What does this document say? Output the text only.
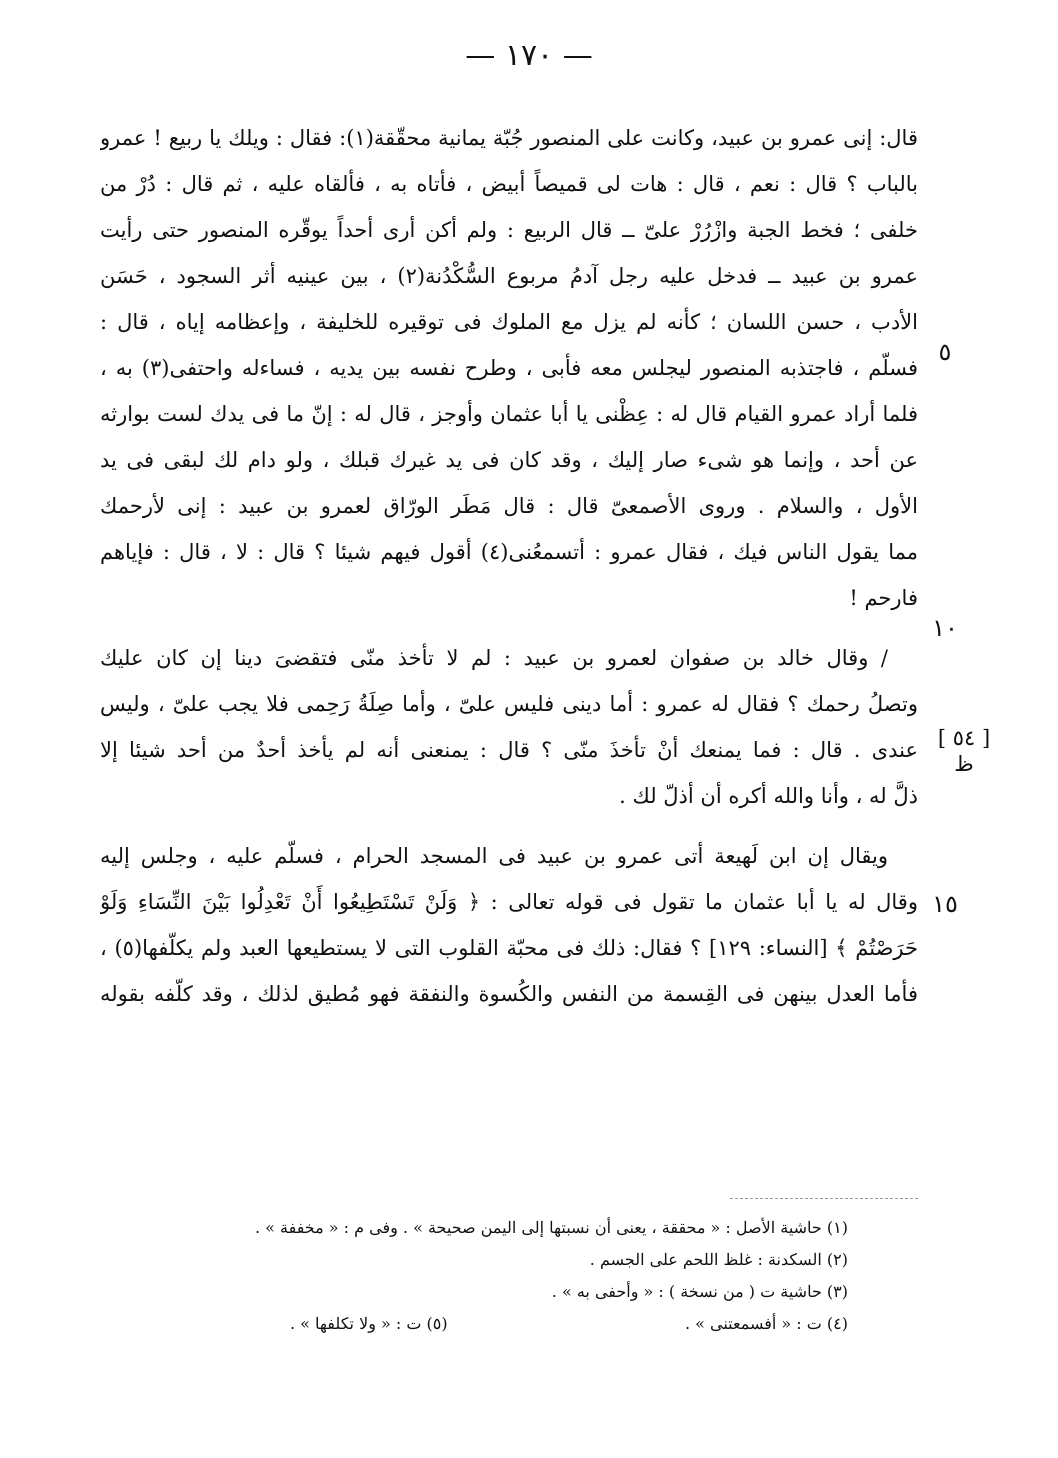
— ١٧٠ —
[ ٥٤ ]
ظ
٥
١٠
١٥
قال: إنى عمرو بن عبيد، وكانت على المنصور جُبّة يمانية محقّقة(١): فقال : ويلك يا ربيع ! عمرو
بالباب ؟ قال : نعم ، قال : هات لى قميصاً أبيض ، فأتاه به ، فألقاه عليه ، ثم قال : دُرْ من
خلفى ؛ فخط الجبة وازْرُرْ علىّ ــ قال الربيع : ولم أكن أرى أحداً يوقّره المنصور حتى رأيت
عمرو بن عبيد ــ فدخل عليه رجل آدمُ مربوع السُّكْدُنة(٢) ، بين عينيه أثر السجود ، حَسَن
الأدب ، حسن اللسان ؛ كأنه لم يزل مع الملوك فى توقيره للخليفة ، وإعظامه إياه ، قال :
فسلّم ، فاجتذبه المنصور ليجلس معه فأبى ، وطرح نفسه بين يديه ، فساءله واحتفى(٣) به ،
فلما أراد عمرو القيام قال له : عِظْنى يا أبا عثمان وأوجز ، قال له : إنّ ما فى يدك لست بوارثه
عن أحد ، وإنما هو شىء صار إليك ، وقد كان فى يد غيرك قبلك ، ولو دام لك لبقى فى يد
الأول ، والسلام . وروى الأصمعىّ قال : قال مَطَر الورّاق لعمرو بن عبيد : إنى لأرحمك
مما يقول الناس فيك ، فقال عمرو : أتسمعُنى(٤) أقول فيهم شيئا ؟ قال : لا ، قال : فإياهم
فارحم !
/ وقال خالد بن صفوان لعمرو بن عبيد : لم لا تأخذ منّى فتقضىَ دينا إن كان عليك
وتصلُ رحمك ؟ فقال له عمرو : أما دينى فليس علىّ ، وأما صِلَةُ رَحِمى فلا يجب علىّ ، وليس
عندى . قال : فما يمنعك أنْ تأخذَ منّى ؟ قال : يمنعنى أنه لم يأخذ أحدٌ من أحد شيئا إلا
ذلَّ له ، وأنا والله أكره أن أذلّ لك .
ويقال إن ابن لَهيعة أتى عمرو بن عبيد فى المسجد الحرام ، فسلّم عليه ، وجلس إليه
وقال له يا أبا عثمان ما تقول فى قوله تعالى : ﴿ وَلَنْ تَسْتَطِيعُوا أَنْ تَعْدِلُوا بَيْنَ النِّسَاءِ وَلَوْ
حَرَصْتُمْ ﴾ [النساء: ١٢٩] ؟ فقال: ذلك فى محبّة القلوب التى لا يستطيعها العبد ولم يكلّفها(٥) ،
فأما العدل بينهن فى القِسمة من النفس والكُسوة والنفقة فهو مُطيق لذلك ، وقد كلّفه بقوله
(١) حاشية الأصل : « محققة ، يعنى أن نسبتها إلى اليمن صحيحة » . وفى م : « مخففة » .
(٢) السكدنة : غلظ اللحم على الجسم .
(٣) حاشية ت ( من نسخة ) : « وأحفى به » .
(٤) ت : « أفسمعتنى » .
(٥) ت : « ولا تكلفها » .
